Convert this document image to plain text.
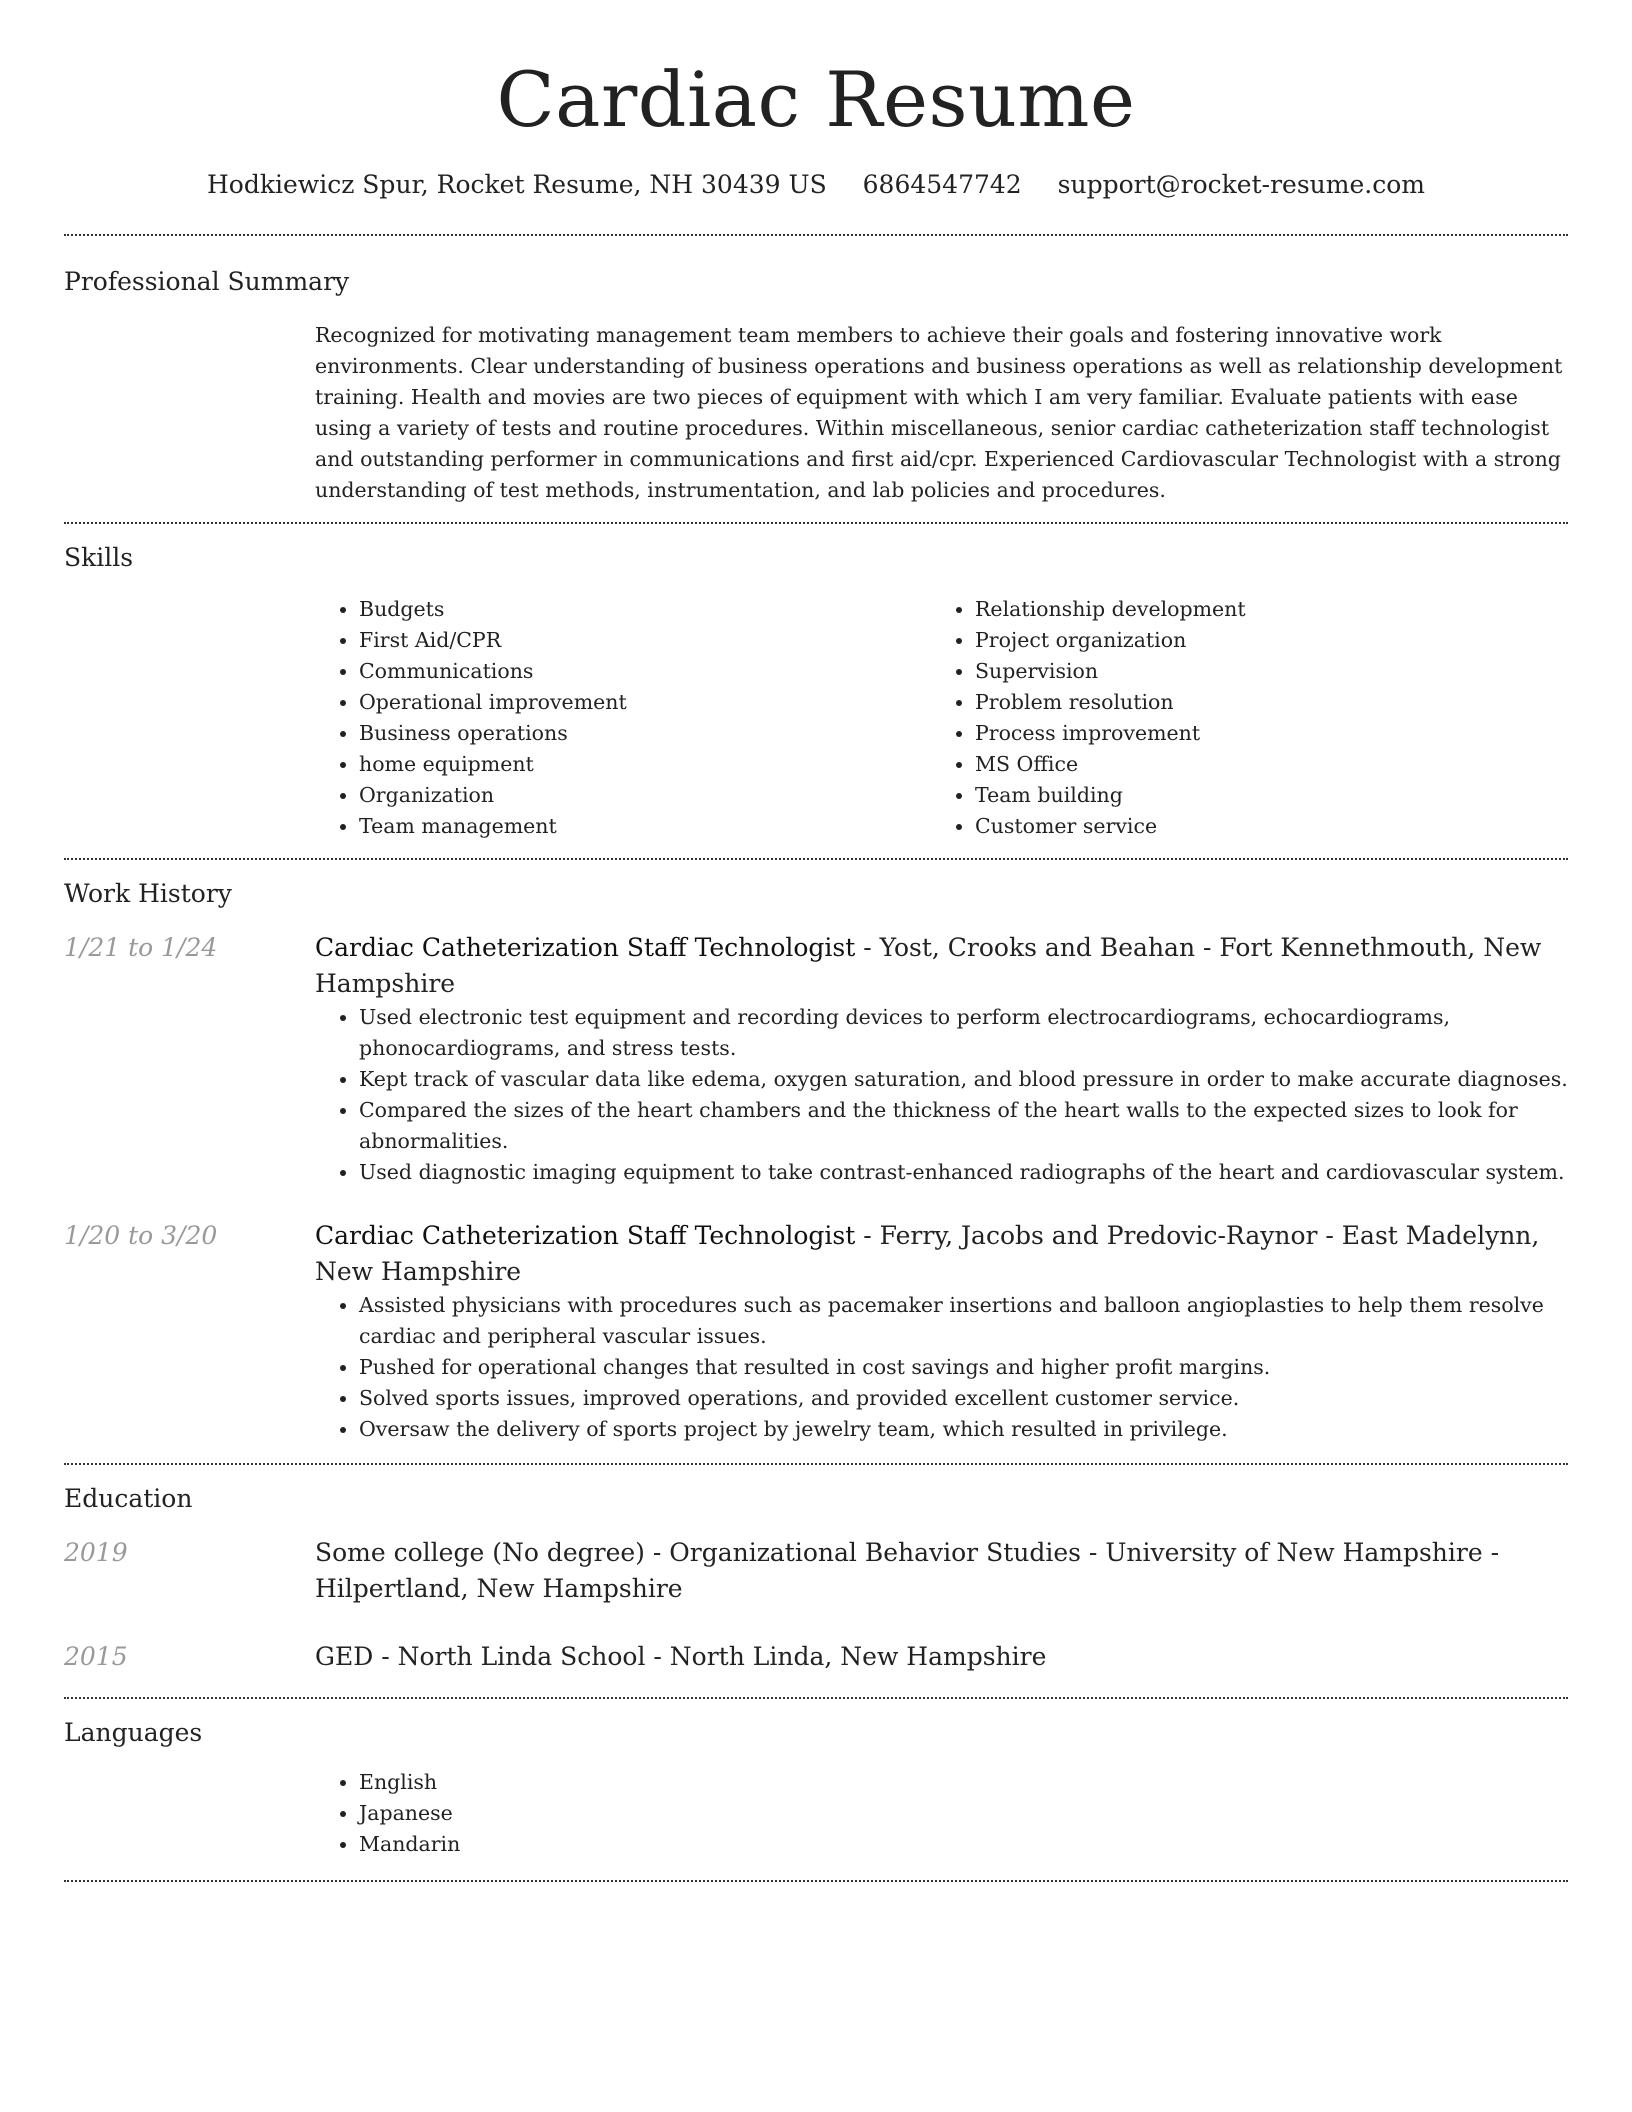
Cardiac Resume
Hodkiewicz Spur, Rocket Resume, NH 30439 US 6864547742 support@rocket-resume.com
Professional Summary

Recognized for motivating management team members to achieve their goals and fostering innovative work environments. Clear understanding of business operations and business operations as well as relationship development training. Health and movies are two pieces of equipment with which I am very familiar. Evaluate patients with ease using a variety of tests and routine procedures. Within miscellaneous, senior cardiac catheterization staff technologist and outstanding performer in communications and first aid/cpr. Experienced Cardiovascular Technologist with a strong understanding of test methods, instrumentation, and lab policies and procedures.

Skills
• Budgets
• First Aid/CPR
• Communications
• Operational improvement
• Business operations
• home equipment
• Organization
• Team management
• Relationship development
• Project organization
• Supervision
• Problem resolution
• Process improvement
• MS Office
• Team building
• Customer service
Work History
1/21 to 1/24	Cardiac Catheterization Staff Technologist - Yost, Crooks and Beahan - Fort Kennethmouth, New Hampshire

• Used electronic test equipment and recording devices to perform electrocardiograms, echocardiograms, phonocardiograms, and stress tests.
• Kept track of vascular data like edema, oxygen saturation, and blood pressure in order to make accurate diagnoses.
• Compared the sizes of the heart chambers and the thickness of the heart walls to the expected sizes to look for abnormalities.
• Used diagnostic imaging equipment to take contrast-enhanced radiographs of the heart and cardiovascular system.
1/20 to 3/20	Cardiac Catheterization Staff Technologist - Ferry, Jacobs and Predovic-Raynor - East Madelynn, New Hampshire

• Assisted physicians with procedures such as pacemaker insertions and balloon angioplasties to help them resolve cardiac and peripheral vascular issues.
• Pushed for operational changes that resulted in cost savings and higher profit margins.
• Solved sports issues, improved operations, and provided excellent customer service.
• Oversaw the delivery of sports project by jewelry team, which resulted in privilege.
Education
2019	Some college (No degree) - Organizational Behavior Studies - University of New Hampshire - Hilpertland, New Hampshire

2015	GED - North Linda School - North Linda, New Hampshire

Languages
• English
• Japanese
• Mandarin
